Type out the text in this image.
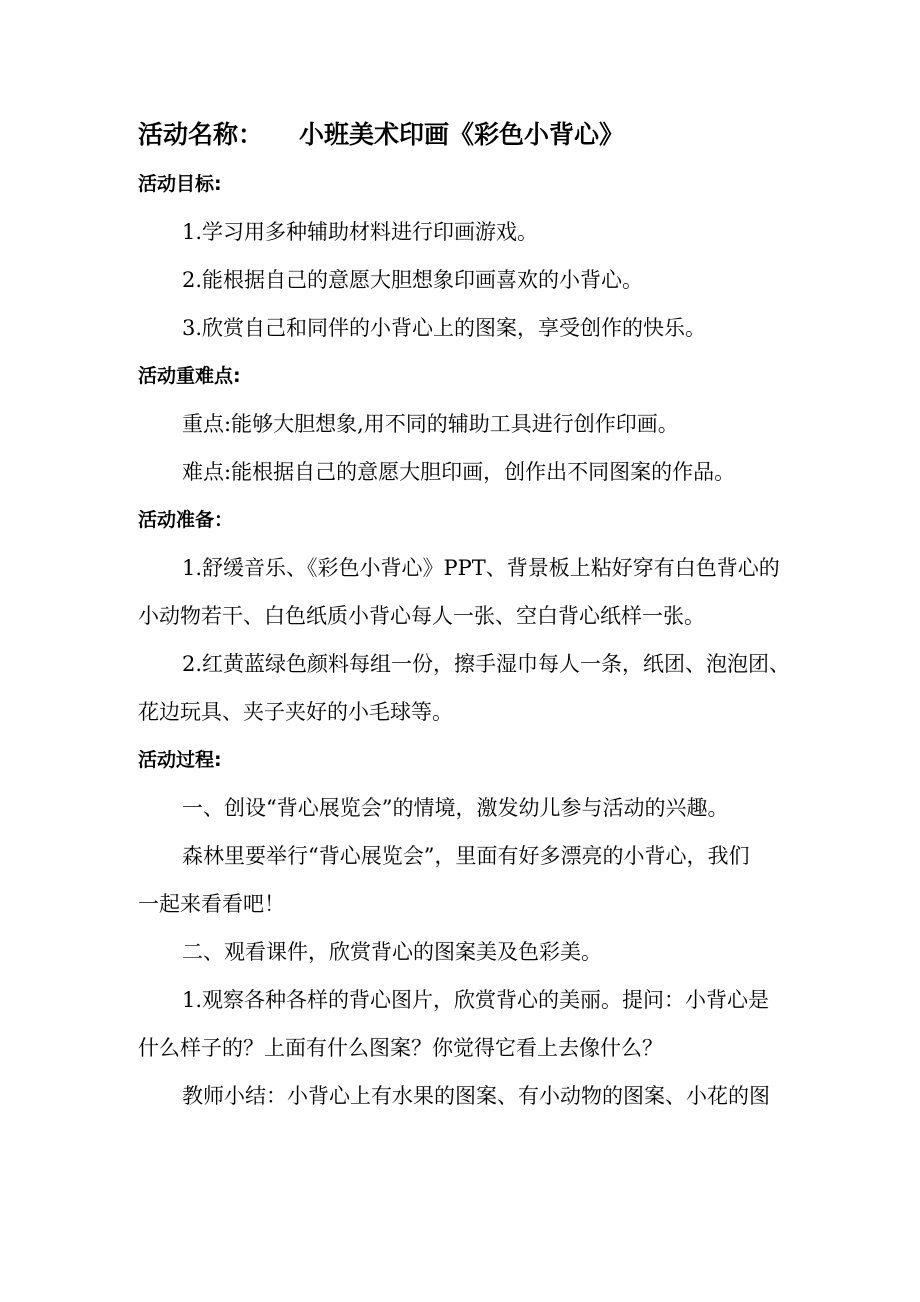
活动名称： 小班美术印画《彩色小背心》
活动目标:
1.学习用多种辅助材料进行印画游戏。
2.能根据自己的意愿大胆想象印画喜欢的小背心。
3.欣赏自己和同伴的小背心上的图案，享受创作的快乐。
活动重难点:
重点:能够大胆想象,用不同的辅助工具进行创作印画。
难点:能根据自己的意愿大胆印画，创作出不同图案的作品。
活动准备：
1.舒缓音乐、《彩色小背心》PPT、背景板上粘好穿有白色背心的
小动物若干、白色纸质小背心每人一张、空白背心纸样一张。
2.红黄蓝绿色颜料每组一份，擦手湿巾每人一条，纸团、泡泡团、
花边玩具、夹子夹好的小毛球等。
活动过程:
一、创设“背心展览会”的情境，激发幼儿参与活动的兴趣。
森林里要举行“背心展览会”，里面有好多漂亮的小背心，我们
一起来看看吧！
二、观看课件，欣赏背心的图案美及色彩美。
1.观察各种各样的背心图片，欣赏背心的美丽。提问：小背心是
什么样子的？上面有什么图案？你觉得它看上去像什么？
教师小结：小背心上有水果的图案、有小动物的图案、小花的图
